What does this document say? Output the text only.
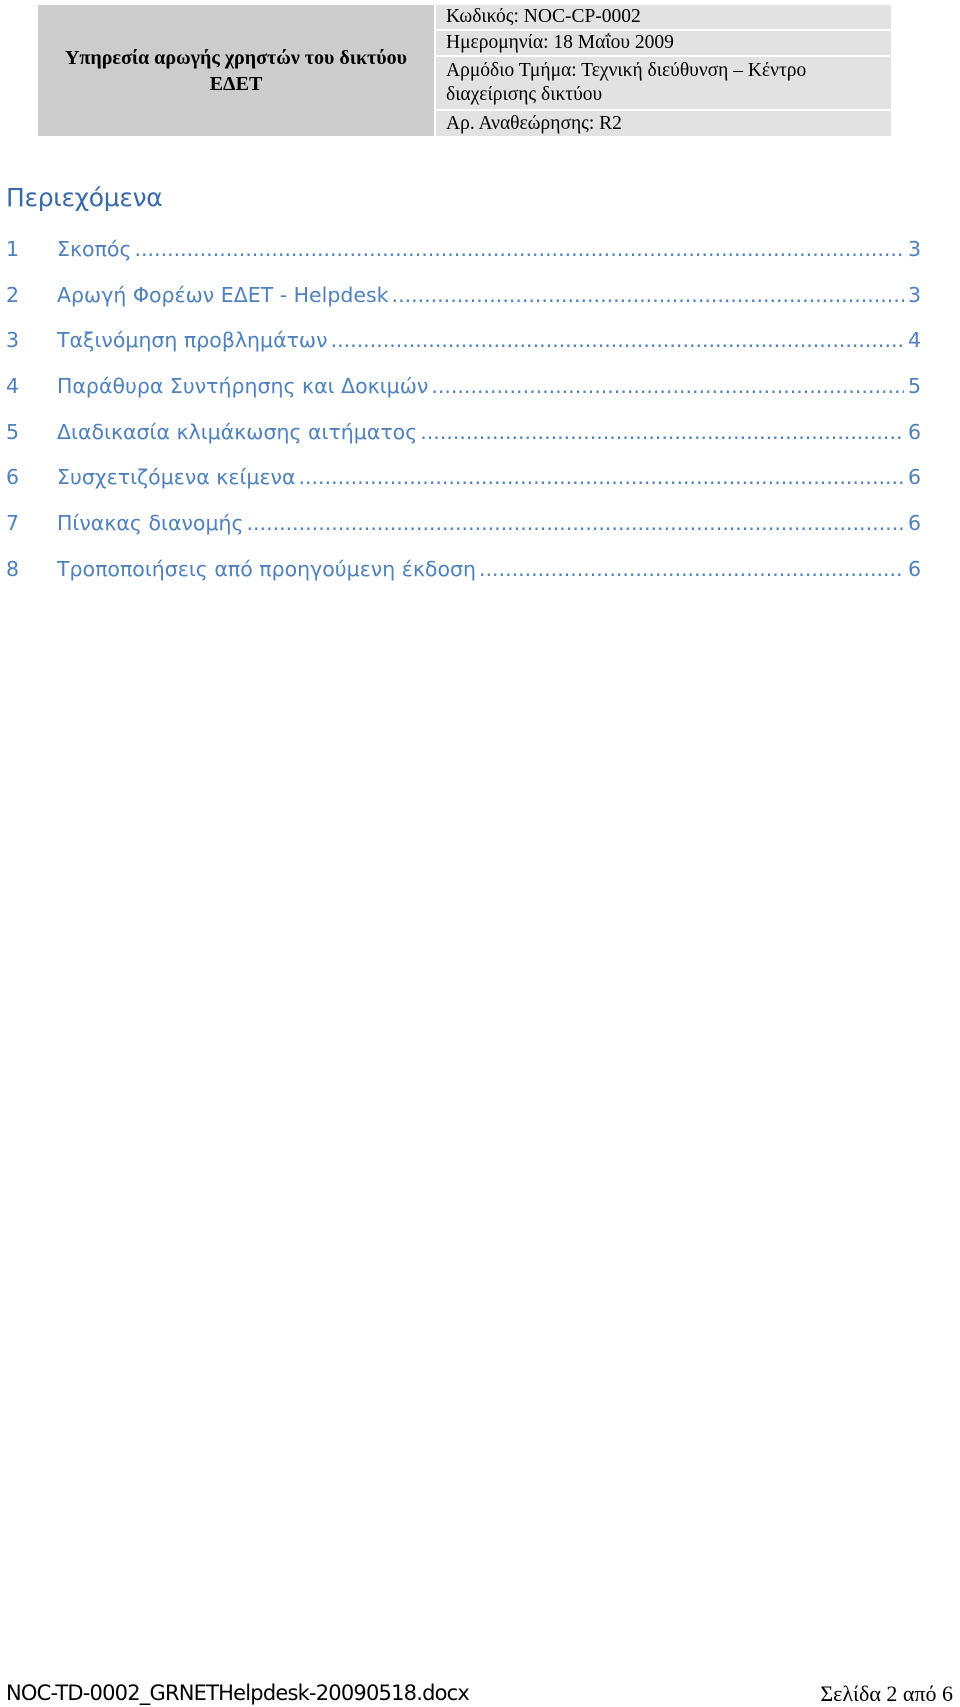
Υπηρεσία αρωγής χρηστών του δικτύου ΕΔΕΤ	Κωδικός: NOC-CP-0002
Ημερομηνία: 18 Μαΐου 2009
Αρμόδιο Τμήμα: Τεχνική διεύθυνση – Κέντρο διαχείρισης δικτύου
Αρ. Αναθεώρησης: R2
Περιεχόμενα
1	Σκοπός .....	3
2	Αρωγή Φορέων ΕΔΕΤ - Helpdesk .....	3
3	Ταξινόμηση προβλημάτων .....	4
4	Παράθυρα Συντήρησης και Δοκιμών .....	5
5	Διαδικασία κλιμάκωσης αιτήματος .....	6
6	Συσχετιζόμενα κείμενα .....	6
7	Πίνακας διανομής .....	6
8	Τροποποιήσεις από προηγούμενη έκδοση .....	6
NOC-TD-0002_GRNETHelpdesk-20090518.docx	Σελίδα 2 από 6
